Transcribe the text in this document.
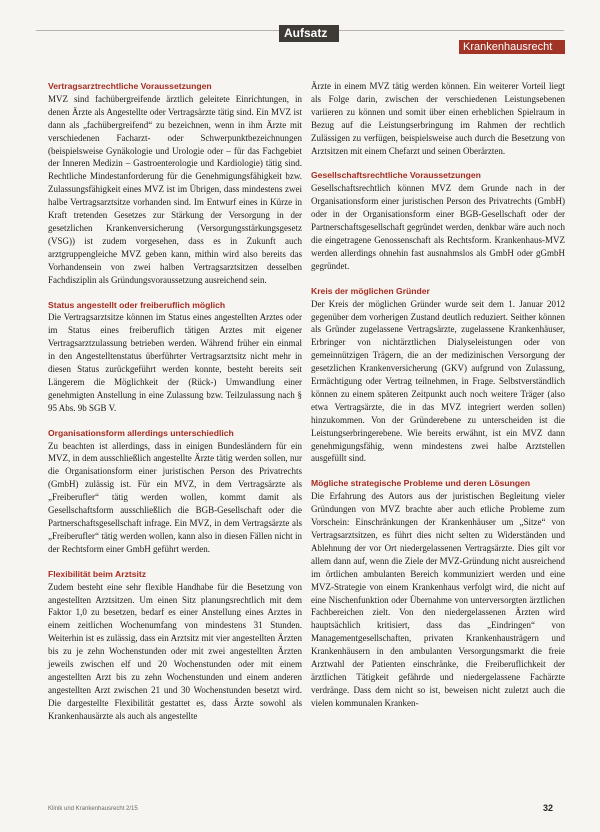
Aufsatz
Krankenhausrecht
Vertragsarztrechtliche Voraussetzungen

MVZ sind fachübergreifende ärztlich geleitete Einrichtungen, in denen Ärzte als Angestellte oder Vertragsärzte tätig sind. Ein MVZ ist dann als „fachübergreifend“ zu bezeichnen, wenn in ihm Ärzte mit verschiedenen Facharzt- oder Schwerpunktbezeichnungen (beispielsweise Gynäkologie und Urologie oder – für das Fachgebiet der Inneren Medizin – Gastroenterologie und Kardiologie) tätig sind. Rechtliche Mindestanforderung für die Genehmigungsfähigkeit bzw. Zulassungsfähigkeit eines MVZ ist im Übrigen, dass mindestens zwei halbe Vertragsarztsitze vorhanden sind. Im Entwurf eines in Kürze in Kraft tretenden Gesetzes zur Stärkung der Versorgung in der gesetzlichen Krankenversicherung (Versorgungsstärkungsgesetz (VSG)) ist zudem vorgesehen, dass es in Zukunft auch arztgruppengleiche MVZ geben kann, mithin wird also bereits das Vorhandensein von zwei halben Vertragsarztsitzen desselben Fachdisziplin als Gründungsvoraussetzung ausreichend sein.

Status angestellt oder freiberuflich möglich

Die Vertragsarztsitze können im Status eines angestellten Arztes oder im Status eines freiberuflich tätigen Arztes mit eigener Vertragsarztzulassung betrieben werden. Während früher ein einmal in den Angestelltenstatus überführter Vertragsarztsitz nicht mehr in diesen Status zurückgeführt werden konnte, besteht bereits seit Längerem die Möglichkeit der (Rück-) Umwandlung einer genehmigten Anstellung in eine Zulassung bzw. Teilzulassung nach § 95 Abs. 9b SGB V.

Organisationsform allerdings unterschiedlich

Zu beachten ist allerdings, dass in einigen Bundesländern für ein MVZ, in dem ausschließlich angestellte Ärzte tätig werden sollen, nur die Organisationsform einer juristischen Person des Privatrechts (GmbH) zulässig ist. Für ein MVZ, in dem Vertragsärzte als „Freiberufler“ tätig werden wollen, kommt damit als Gesellschaftsform ausschließlich die BGB-Gesellschaft oder die Partnerschaftsgesellschaft infrage. Ein MVZ, in dem Vertragsärzte als „Freiberufler“ tätig werden wollen, kann also in diesen Fällen nicht in der Rechtsform einer GmbH geführt werden.

Flexibilität beim Arztsitz

Zudem besteht eine sehr flexible Handhabe für die Besetzung von angestellten Arztsitzen. Um einen Sitz planungsrechtlich mit dem Faktor 1,0 zu besetzen, bedarf es einer Anstellung eines Arztes in einem zeitlichen Wochenumfang von mindestens 31 Stunden. Weiterhin ist es zulässig, dass ein Arztsitz mit vier angestellten Ärzten bis zu je zehn Wochenstunden oder mit zwei angestellten Ärzten jeweils zwischen elf und 20 Wochenstunden oder mit einem angestellten Arzt bis zu zehn Wochenstunden und einem anderen angestellten Arzt zwischen 21 und 30 Wochenstunden besetzt wird. Die dargestellte Flexibilität gestattet es, dass Ärzte sowohl als Krankenhausärzte als auch als angestellte

Ärzte in einem MVZ tätig werden können. Ein weiterer Vorteil liegt als Folge darin, zwischen der verschiedenen Leistungsebenen variieren zu können und somit über einen erheblichen Spielraum in Bezug auf die Leistungserbringung im Rahmen der rechtlich Zulässigen zu verfügen, beispielsweise auch durch die Besetzung von Arztsitzen mit einem Chefarzt und seinen Oberärzten.

Gesellschaftsrechtliche Voraussetzungen

Gesellschaftsrechtlich können MVZ dem Grunde nach in der Organisationsform einer juristischen Person des Privatrechts (GmbH) oder in der Organisationsform einer BGB-Gesellschaft oder der Partnerschaftsgesellschaft gegründet werden, denkbar wäre auch noch die eingetragene Genossenschaft als Rechtsform. Krankenhaus-MVZ werden allerdings ohnehin fast ausnahmslos als GmbH oder gGmbH gegründet.

Kreis der möglichen Gründer

Der Kreis der möglichen Gründer wurde seit dem 1. Januar 2012 gegenüber dem vorherigen Zustand deutlich reduziert. Seither können als Gründer zugelassene Vertragsärzte, zugelassene Krankenhäuser, Erbringer von nichtärztlichen Dialyseleistungen oder von gemeinnützigen Trägern, die an der medizinischen Versorgung der gesetzlichen Krankenversicherung (GKV) aufgrund von Zulassung, Ermächtigung oder Vertrag teilnehmen, in Frage. Selbstverständlich können zu einem späteren Zeitpunkt auch noch weitere Träger (also etwa Vertragsärzte, die in das MVZ integriert werden sollen) hinzukommen. Von der Gründerebene zu unterscheiden ist die Leistungserbringerebene. Wie bereits erwähnt, ist ein MVZ dann genehmigungsfähig, wenn mindestens zwei halbe Arztstellen ausgefüllt sind.

Mögliche strategische Probleme und deren Lösungen

Die Erfahrung des Autors aus der juristischen Begleitung vieler Gründungen von MVZ brachte aber auch etliche Probleme zum Vorschein: Einschränkungen der Krankenhäuser um „Sitze“ von Vertragsarztsitzen, es führt dies nicht selten zu Widerständen und Ablehnung der vor Ort niedergelassenen Vertragsärzte. Dies gilt vor allem dann auf, wenn die Ziele der MVZ-Gründung nicht ausreichend im örtlichen ambulanten Bereich kommuniziert werden und eine MVZ-Strategie von einem Krankenhaus verfolgt wird, die nicht auf eine Nischenfunktion oder Übernahme von unterversorgten ärztlichen Fachbereichen zielt. Von den niedergelassenen Ärzten wird hauptsächlich kritisiert, dass das „Eindringen“ von Managementgesellschaften, privaten Krankenhausträgern und Krankenhäusern in den ambulanten Versorgungsmarkt die freie Arztwahl der Patienten einschränke, die Freiberuflichkeit der ärztlichen Tätigkeit gefährde und niedergelassene Fachärzte verdränge. Dass dem nicht so ist, beweisen nicht zuletzt auch die vielen kommunalen Kranken-

Klinik und Krankenhausrecht 2/15	32
